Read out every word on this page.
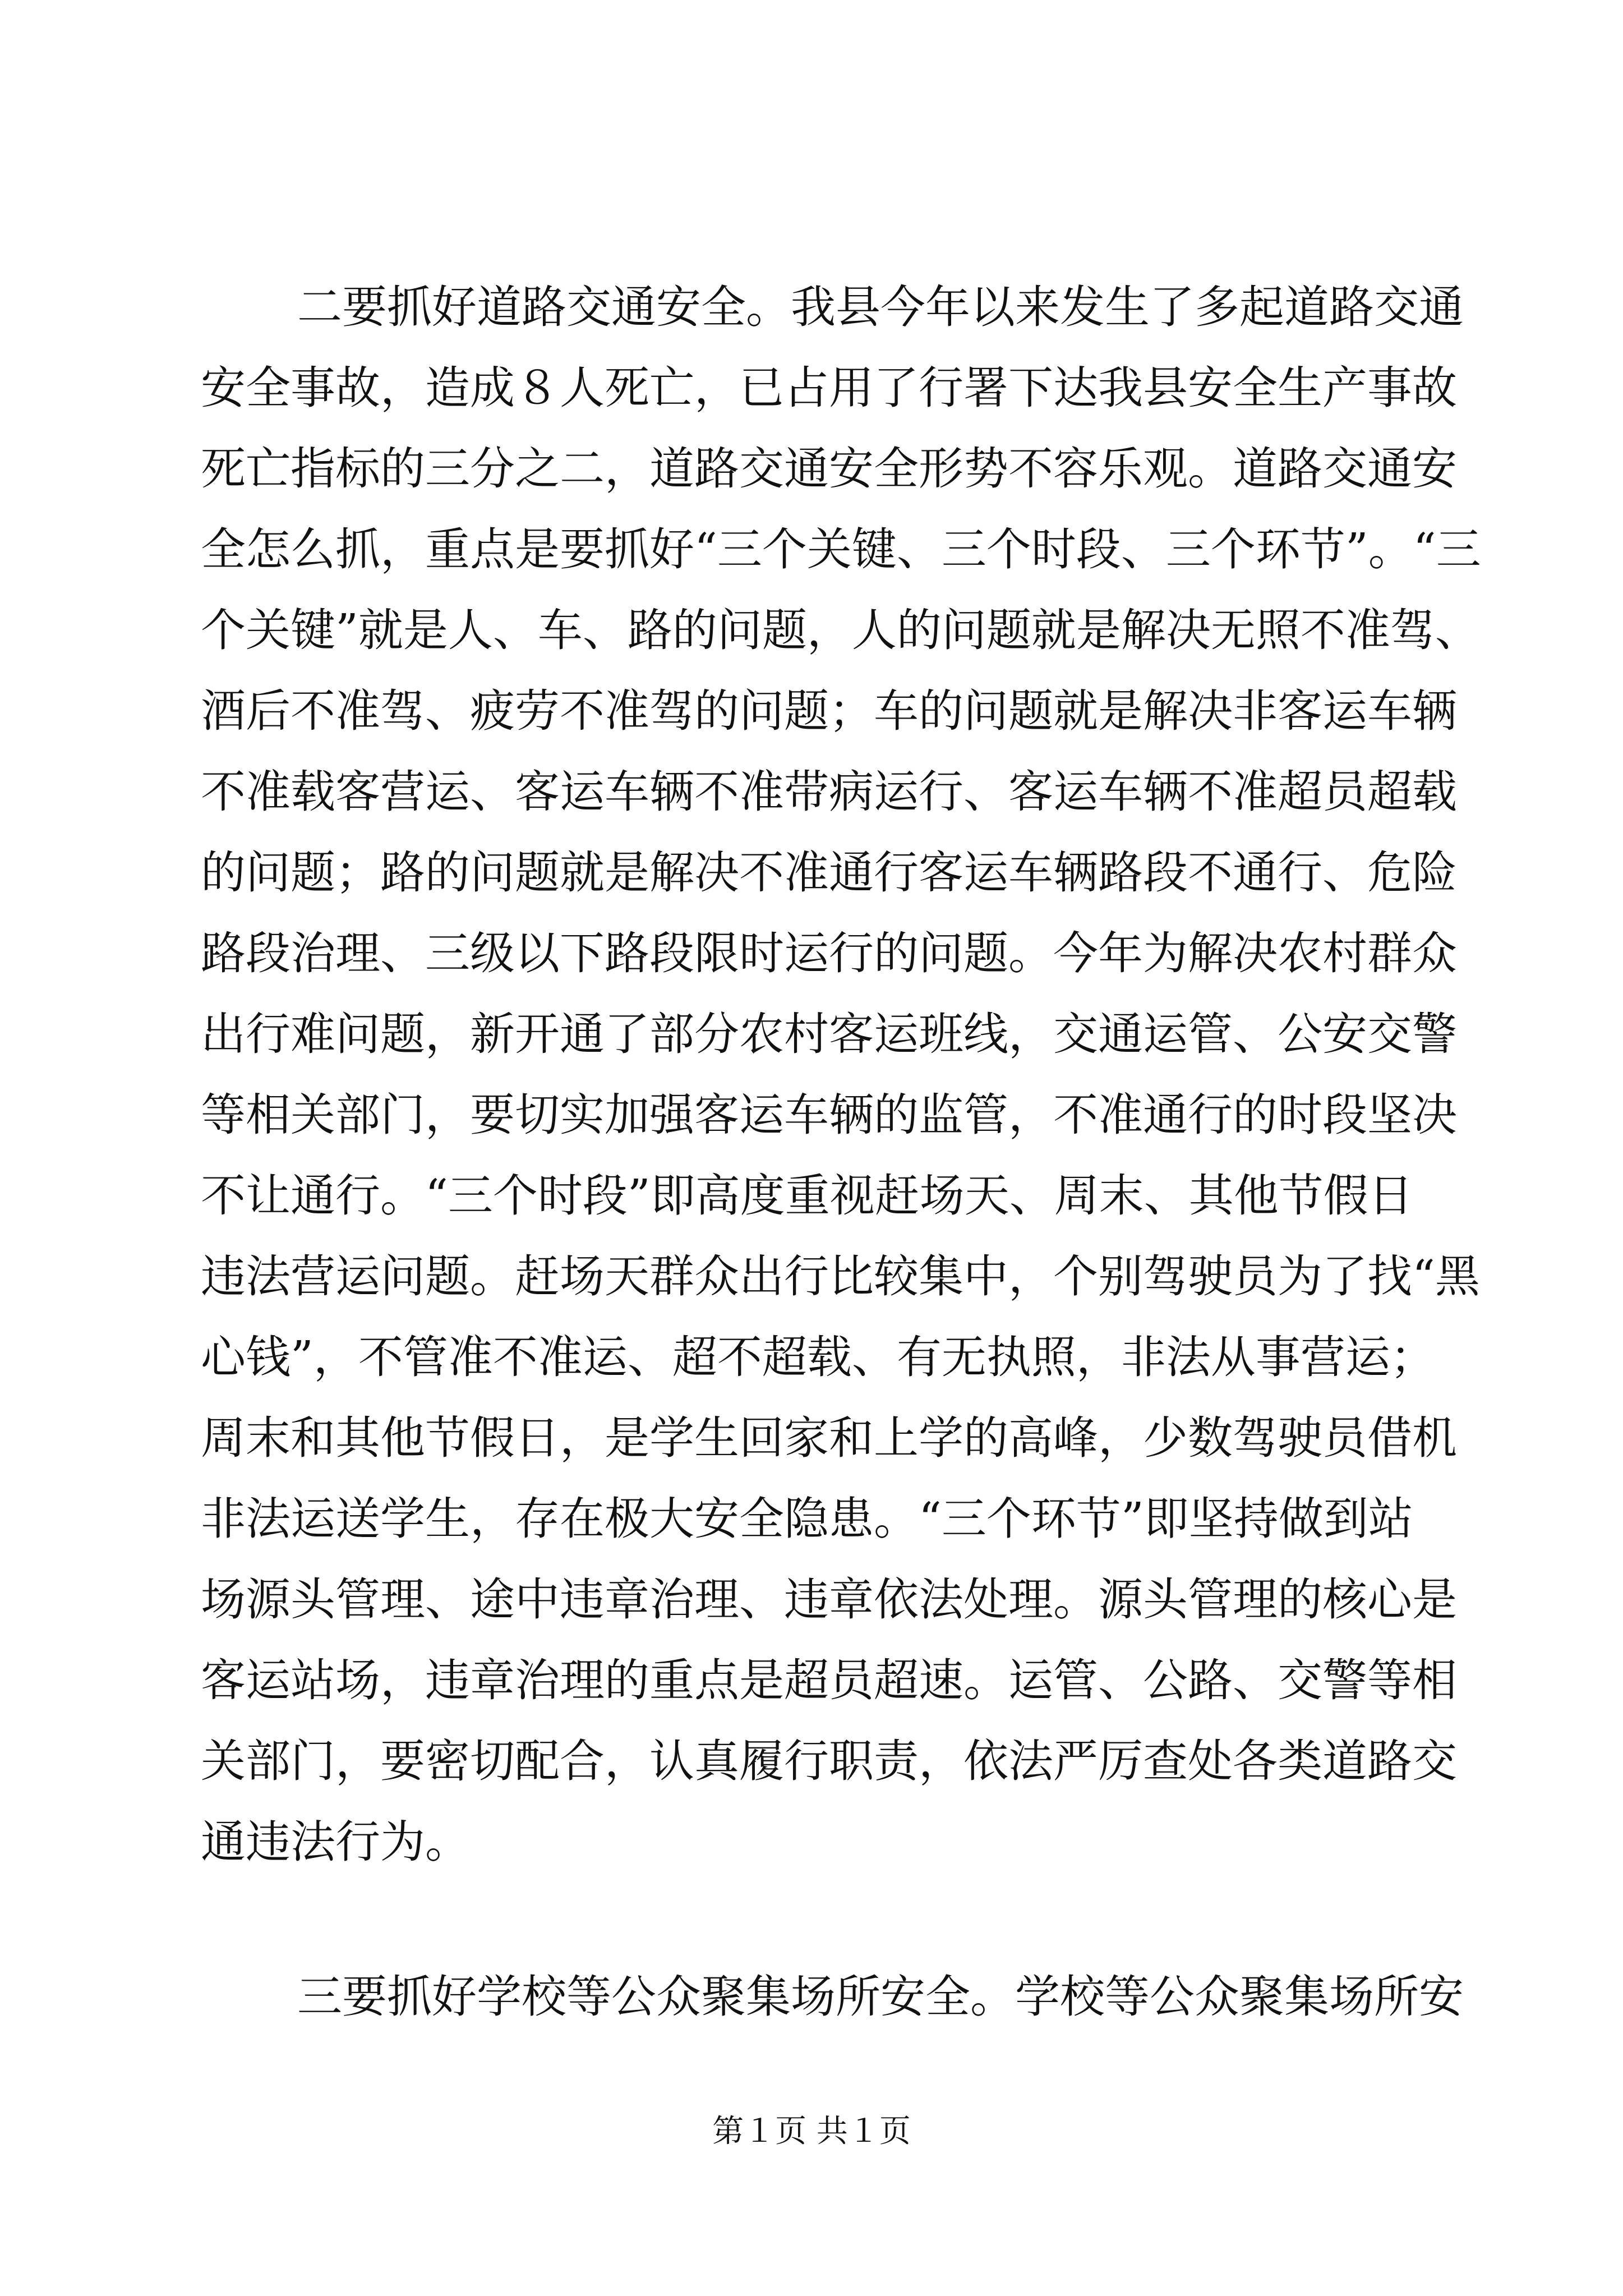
二要抓好道路交通安全。我县今年以来发生了多起道路交通
安全事故，造成８人死亡，已占用了行署下达我县安全生产事故
死亡指标的三分之二，道路交通安全形势不容乐观。道路交通安
全怎么抓，重点是要抓好“三个关键、三个时段、三个环节”。“三
个关键”就是人、车、路的问题，人的问题就是解决无照不准驾、
酒后不准驾、疲劳不准驾的问题；车的问题就是解决非客运车辆
不准载客营运、客运车辆不准带病运行、客运车辆不准超员超载
的问题；路的问题就是解决不准通行客运车辆路段不通行、危险
路段治理、三级以下路段限时运行的问题。今年为解决农村群众
出行难问题，新开通了部分农村客运班线，交通运管、公安交警
等相关部门，要切实加强客运车辆的监管，不准通行的时段坚决
不让通行。“三个时段”即高度重视赶场天、周末、其他节假日
违法营运问题。赶场天群众出行比较集中，个别驾驶员为了找“黑
心钱”，不管准不准运、超不超载、有无执照，非法从事营运；
周末和其他节假日，是学生回家和上学的高峰，少数驾驶员借机
非法运送学生，存在极大安全隐患。“三个环节”即坚持做到站
场源头管理、途中违章治理、违章依法处理。源头管理的核心是
客运站场，违章治理的重点是超员超速。运管、公路、交警等相
关部门，要密切配合，认真履行职责，依法严厉查处各类道路交
通违法行为。
三要抓好学校等公众聚集场所安全。学校等公众聚集场所安
第１页 共１页
